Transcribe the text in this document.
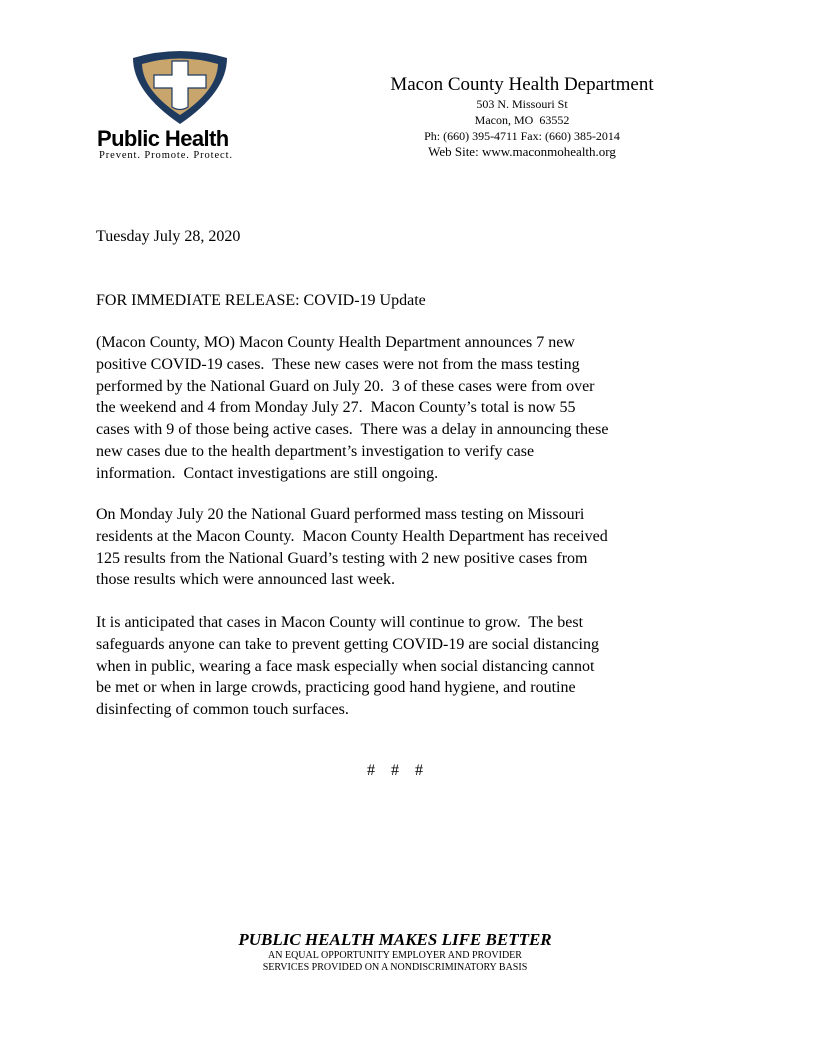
Public Health
Prevent. Promote. Protect.
Macon County Health Department
503 N. Missouri St
Macon, MO  63552
Ph: (660) 395-4711 Fax: (660) 385-2014
Web Site: www.maconmohealth.org
Tuesday July 28, 2020
FOR IMMEDIATE RELEASE: COVID-19 Update
(Macon County, MO) Macon County Health Department announces 7 new
positive COVID-19 cases.  These new cases were not from the mass testing
performed by the National Guard on July 20.  3 of these cases were from over
the weekend and 4 from Monday July 27.  Macon County’s total is now 55
cases with 9 of those being active cases.  There was a delay in announcing these
new cases due to the health department’s investigation to verify case
information.  Contact investigations are still ongoing.
On Monday July 20 the National Guard performed mass testing on Missouri
residents at the Macon County.  Macon County Health Department has received
125 results from the National Guard’s testing with 2 new positive cases from
those results which were announced last week.
It is anticipated that cases in Macon County will continue to grow.  The best
safeguards anyone can take to prevent getting COVID-19 are social distancing
when in public, wearing a face mask especially when social distancing cannot
be met or when in large crowds, practicing good hand hygiene, and routine
disinfecting of common touch surfaces.
#  #  #
PUBLIC HEALTH MAKES LIFE BETTER
AN EQUAL OPPORTUNITY EMPLOYER AND PROVIDER
SERVICES PROVIDED ON A NONDISCRIMINATORY BASIS
